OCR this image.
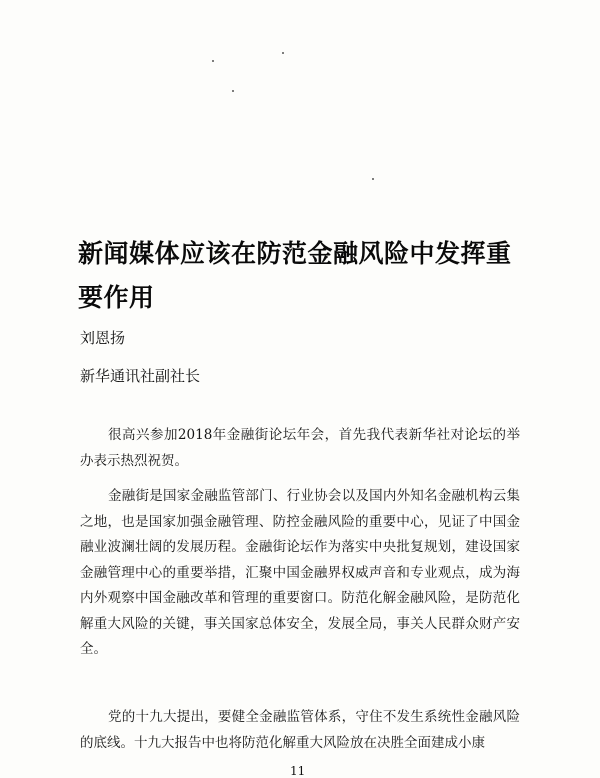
新闻媒体应该在防范金融风险中发挥重要作用
刘恩扬
新华通讯社副社长

很高兴参加2018年金融街论坛年会，首先我代表新华社对论坛的举办表示热烈祝贺。

金融街是国家金融监管部门、行业协会以及国内外知名金融机构云集之地，也是国家加强金融管理、防控金融风险的重要中心，见证了中国金融业波澜壮阔的发展历程。金融街论坛作为落实中央批复规划，建设国家金融管理中心的重要举措，汇聚中国金融界权威声音和专业观点，成为海内外观察中国金融改革和管理的重要窗口。防范化解金融风险，是防范化解重大风险的关键，事关国家总体安全，发展全局，事关人民群众财产安全。

党的十九大提出，要健全金融监管体系，守住不发生系统性金融风险的底线。十九大报告中也将防范化解重大风险放在决胜全面建成小康

11
